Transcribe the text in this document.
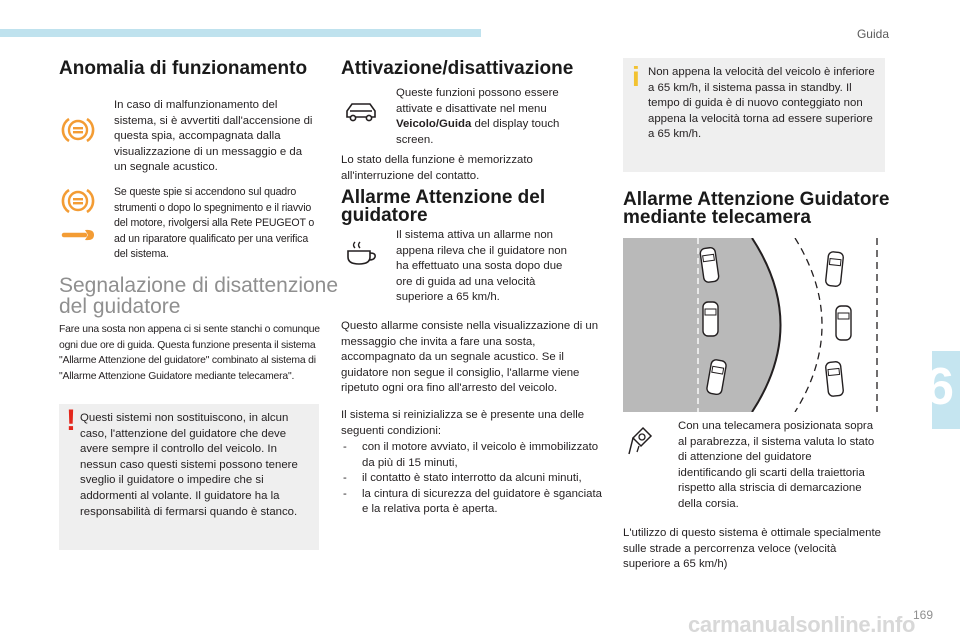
Guida
Anomalia di funzionamento
In caso di malfunzionamento del sistema, si è avvertiti dall'accensione di questa spia, accompagnata dalla visualizzazione di un messaggio e da un segnale acustico.
Se queste spie si accendono sul quadro strumenti o dopo lo spegnimento e il riavvio del motore, rivolgersi alla Rete PEUGEOT o ad un riparatore qualificato per una verifica del sistema.
Segnalazione di disattenzione
del guidatore
Fare una sosta non appena ci si sente stanchi o comunque ogni due ore di guida. Questa funzione presenta il sistema "Allarme Attenzione del guidatore" combinato al sistema di "Allarme Attenzione Guidatore mediante telecamera".
! Questi sistemi non sostituiscono, in alcun caso, l'attenzione del guidatore che deve avere sempre il controllo del veicolo. In nessun caso questi sistemi possono tenere sveglio il guidatore o impedire che si addormenti al volante. Il guidatore ha la responsabilità di fermarsi quando è stanco.
Attivazione/disattivazione
Queste funzioni possono essere attivate e disattivate nel menu Veicolo/Guida del display touch screen.
Lo stato della funzione è memorizzato all'interruzione del contatto.
Allarme Attenzione del
guidatore
Il sistema attiva un allarme non appena rileva che il guidatore non ha effettuato una sosta dopo due ore di guida ad una velocità superiore a 65 km/h.
Questo allarme consiste nella visualizzazione di un messaggio che invita a fare una sosta, accompagnato da un segnale acustico. Se il guidatore non segue il consiglio, l'allarme viene ripetuto ogni ora fino all'arresto del veicolo.
Il sistema si reinizializza se è presente una delle seguenti condizioni:
- con il motore avviato, il veicolo è immobilizzato da più di 15 minuti,
- il contatto è stato interrotto da alcuni minuti,
- la cintura di sicurezza del guidatore è sganciata e la relativa porta è aperta.
i Non appena la velocità del veicolo è inferiore a 65 km/h, il sistema passa in standby. Il tempo di guida è di nuovo conteggiato non appena la velocità torna ad essere superiore a 65 km/h.
Allarme Attenzione Guidatore
mediante telecamera
Con una telecamera posizionata sopra al parabrezza, il sistema valuta lo stato di attenzione del guidatore identificando gli scarti della traiettoria rispetto alla striscia di demarcazione della corsia.
L'utilizzo di questo sistema è ottimale specialmente sulle strade a percorrenza veloce (velocità superiore a 65 km/h)
6
169
carmanualsonline.info
